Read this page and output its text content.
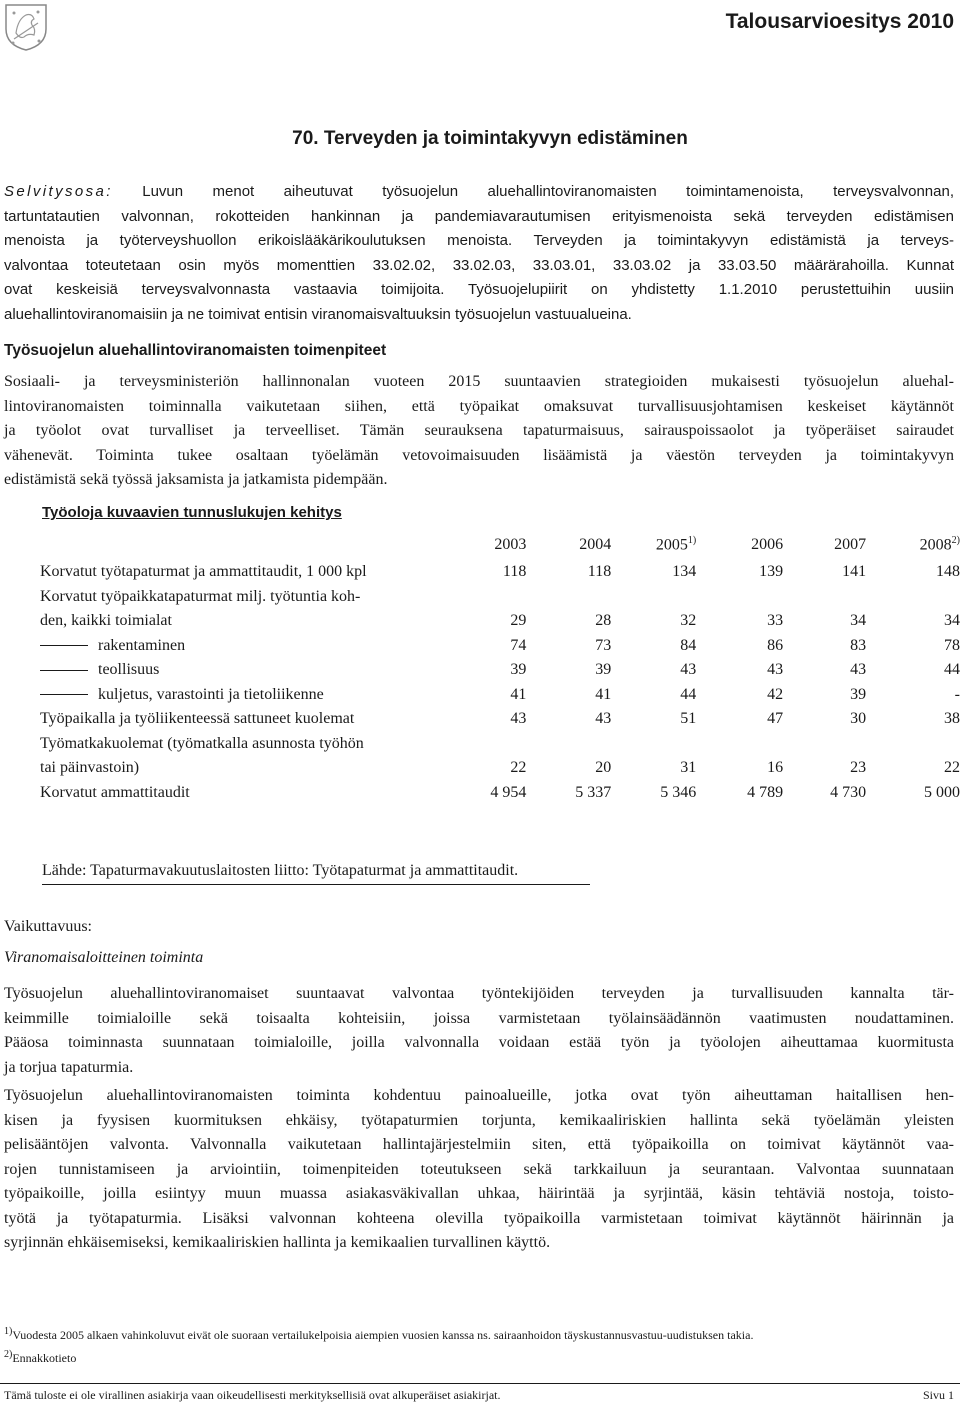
Talousarvioesitys 2010
70. Terveyden ja toimintakyvyn edistäminen
Selvitysosa: Luvun menot aiheutuvat työsuojelun aluehallintoviranomaisten toimintamenoista, terveysvalvonnan,
tartuntatautien valvonnan, rokotteiden hankinnan ja pandemiavarautumisen erityismenoista sekä terveyden edistämisen
menoista ja työterveyshuollon erikoislääkärikoulutuksen menoista. Terveyden ja toimintakyvyn edistämistä ja terveys-
valvontaa toteutetaan osin myös momenttien 33.02.02, 33.02.03, 33.03.01, 33.03.02 ja 33.03.50 määrärahoilla. Kunnat
ovat keskeisiä terveysvalvonnasta vastaavia toimijoita. Työsuojelupiirit on yhdistetty 1.1.2010 perustettuihin uusiin
aluehallintoviranomaisiin ja ne toimivat entisin viranomaisvaltuuksin työsuojelun vastuualueina.
Työsuojelun aluehallintoviranomaisten toimenpiteet
Sosiaali- ja terveysministeriön hallinnonalan vuoteen 2015 suuntaavien strategioiden mukaisesti työsuojelun aluehal-
lintoviranomaisten toiminnalla vaikutetaan siihen, että työpaikat omaksuvat turvallisuusjohtamisen keskeiset käytännöt
ja työolot ovat turvalliset ja terveelliset. Tämän seurauksena tapaturmaisuus, sairauspoissaolot ja työperäiset sairaudet
vähenevät. Toiminta tukee osaltaan työelämän vetovoimaisuuden lisäämistä ja väestön terveyden ja toimintakyvyn
edistämistä sekä työssä jaksamista ja jatkamista pidempään.
Työoloja kuvaavien tunnuslukujen kehitys
	2003	2004	2005$^{1)}$	2006	2007	2008$^{2)}$
Korvatut työtapaturmat ja ammattitaudit, 1 000 kpl	118	118	134	139	141	148
Korvatut työpaikkatapaturmat milj. työtuntia koh-
den, kaikki toimialat	29	28	32	33	34	34
rakentaminen	74	73	84	86	83	78
teollisuus	39	39	43	43	43	44
kuljetus, varastointi ja tietoliikenne	41	41	44	42	39	-
Työpaikalla ja työliikenteessä sattuneet kuolemat	43	43	51	47	30	38
Työmatkakuolemat (työmatkalla asunnosta työhön
tai päinvastoin)	22	20	31	16	23	22
Korvatut ammattitaudit	4 954	5 337	5 346	4 789	4 730	5 000
Lähde: Tapaturmavakuutuslaitosten liitto: Työtapaturmat ja ammattitaudit.
Vaikuttavuus:
Viranomaisaloitteinen toiminta
Työsuojelun aluehallintoviranomaiset suuntaavat valvontaa työntekijöiden terveyden ja turvallisuuden kannalta tär-
keimmille toimialoille sekä toisaalta kohteisiin, joissa varmistetaan työlainsäädännön vaatimusten noudattaminen.
Pääosa toiminnasta suunnataan toimialoille, joilla valvonnalla voidaan estää työn ja työolojen aiheuttamaa kuormitusta
ja torjua tapaturmia.
Työsuojelun aluehallintoviranomaisten toiminta kohdentuu painoalueille, jotka ovat työn aiheuttaman haitallisen hen-
kisen ja fyysisen kuormituksen ehkäisy, työtapaturmien torjunta, kemikaaliriskien hallinta sekä työelämän yleisten
pelisääntöjen valvonta. Valvonnalla vaikutetaan hallintajärjestelmiin siten, että työpaikoilla on toimivat käytännöt vaa-
rojen tunnistamiseen ja arviointiin, toimenpiteiden toteutukseen sekä tarkkailuun ja seurantaan. Valvontaa suunnataan
työpaikoille, joilla esiintyy muun muassa asiakasväkivallan uhkaa, häirintää ja syrjintää, käsin tehtäviä nostoja, toisto-
työtä ja työtapaturmia. Lisäksi valvonnan kohteena olevilla työpaikoilla varmistetaan toimivat käytännöt häirinnän ja
syrjinnän ehkäisemiseksi, kemikaaliriskien hallinta ja kemikaalien turvallinen käyttö.
$^{1)}$Vuodesta 2005 alkaen vahinkoluvut eivät ole suoraan vertailukelpoisia aiempien vuosien kanssa ns. sairaanhoidon täyskustannusvastuu-uudistuksen takia.
$^{2)}$Ennakkotieto
Tämä tuloste ei ole virallinen asiakirja vaan oikeudellisesti merkityksellisiä ovat alkuperäiset asiakirjat.	Sivu 1
